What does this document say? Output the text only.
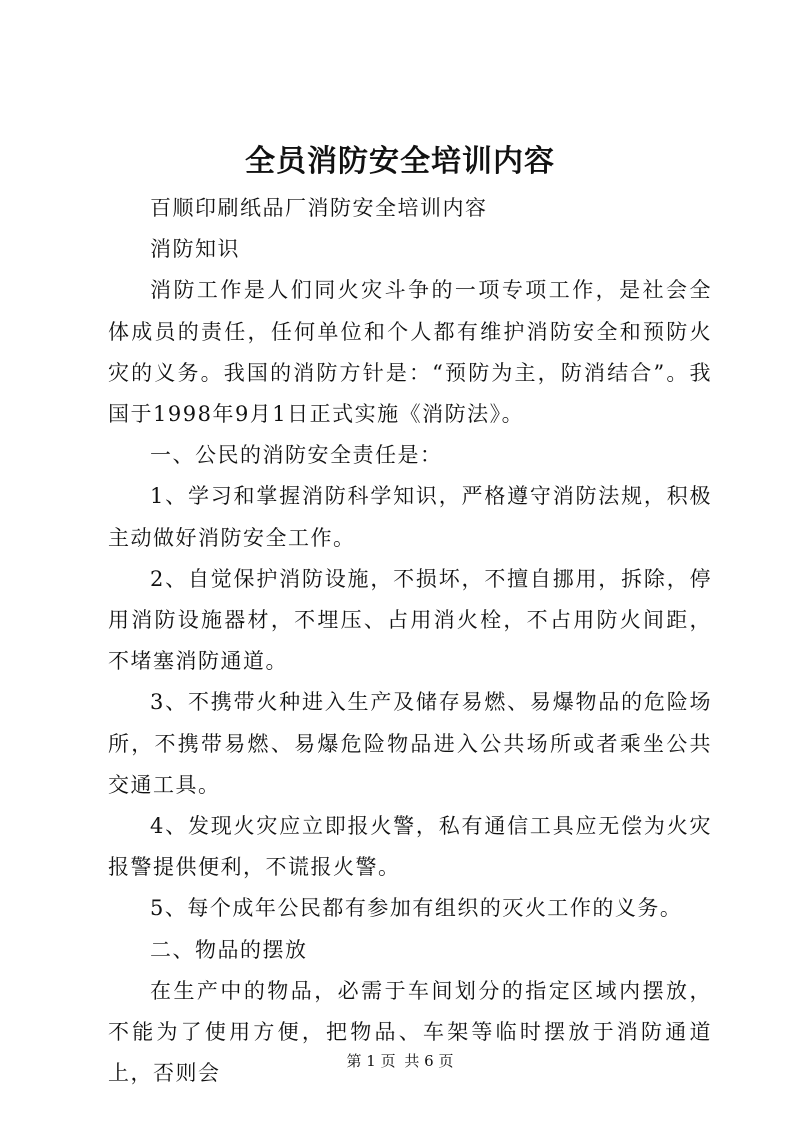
全员消防安全培训内容

百顺印刷纸品厂消防安全培训内容

消防知识

消防工作是人们同火灾斗争的一项专项工作，是社会全体成员的责任，任何单位和个人都有维护消防安全和预防火灾的义务。我国的消防方针是：“预防为主，防消结合”。我国于1998年9月1日正式实施《消防法》。

一、公民的消防安全责任是：

1、学习和掌握消防科学知识，严格遵守消防法规，积极主动做好消防安全工作。

2、自觉保护消防设施，不损坏，不擅自挪用，拆除，停用消防设施器材，不埋压、占用消火栓，不占用防火间距，不堵塞消防通道。

3、不携带火种进入生产及储存易燃、易爆物品的危险场所，不携带易燃、易爆危险物品进入公共场所或者乘坐公共交通工具。

4、发现火灾应立即报火警，私有通信工具应无偿为火灾报警提供便利，不谎报火警。

5、每个成年公民都有参加有组织的灭火工作的义务。

二、物品的摆放

在生产中的物品，必需于车间划分的指定区域内摆放，不能为了使用方便，把物品、车架等临时摆放于消防通道上，否则会

第 1 页 共 6 页
